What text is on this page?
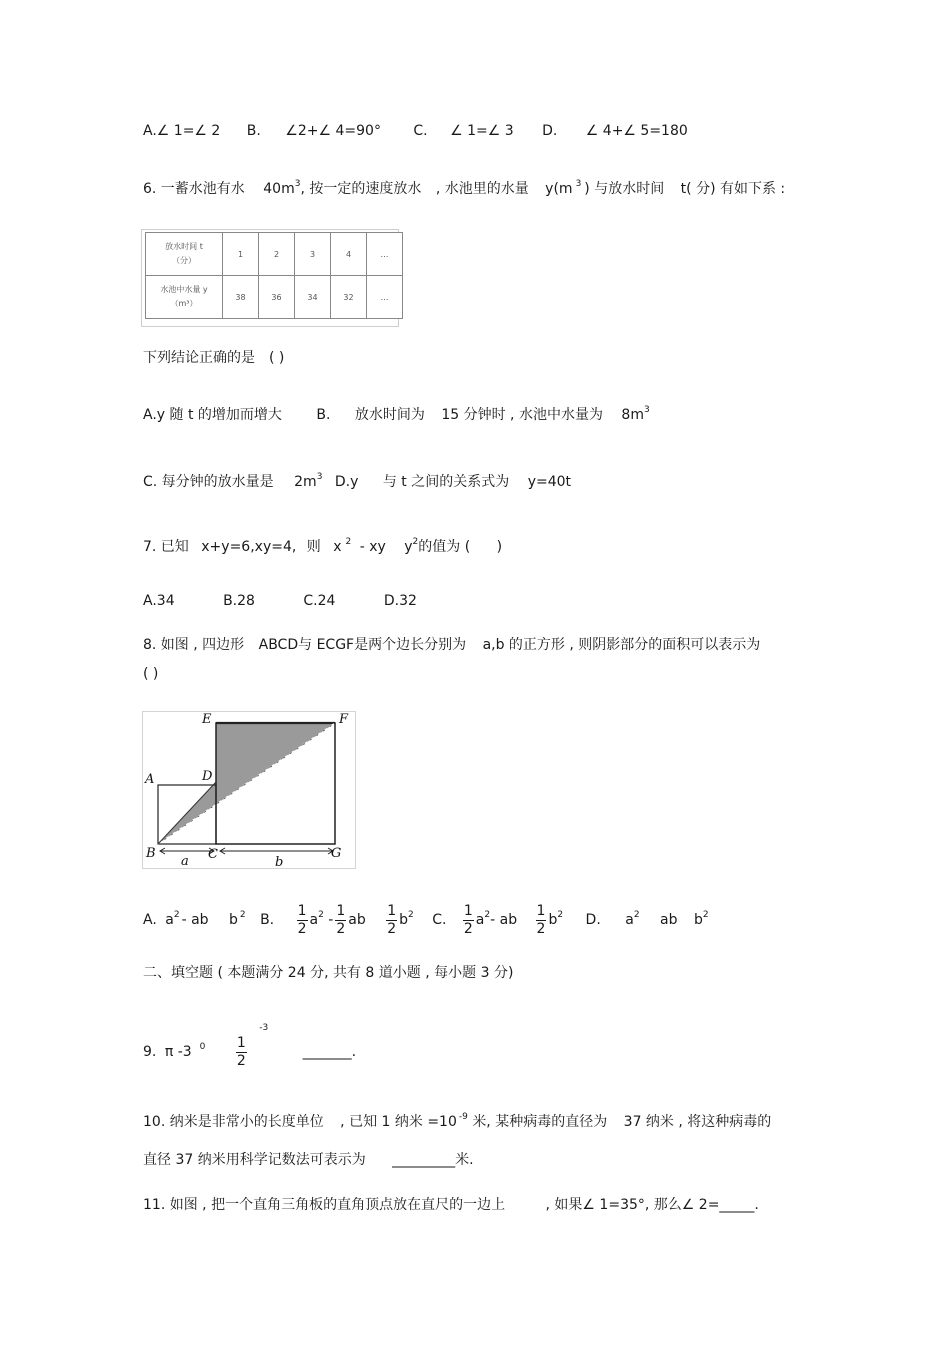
A.∠ 1=∠ 2 B. ∠2+∠ 4=90° C. ∠ 1=∠ 3 D. ∠ 4+∠ 5=180
6. 一蓄水池有水 $40m^3$, 按一定的速度放水 , 水池里的水量 y(m $^3$ ) 与放水时间 t( 分) 有如下系 :
放水时间 t
（分）	1	2	3	4	…
水池中水量 y
（m³）	38	36	34	32	…
下列结论正确的是 ( )
A.y 随 t 的增加而增大 B. 放水时间为 15 分钟时 , 水池中水量为 $8m^3$
C. 每分钟的放水量是 $2m^3$ D.y 与 t 之间的关系式为 y=40t
7. 已知 x+y=6,xy=4, 则 x $^2$ - xy $y^2$的值为 ( )
A.34	B.28	C.24	D.32
8. 如图 , 四边形 ABCD与 ECGF是两个边长分别为 a,b 的正方形 , 则阴影部分的面积可以表示为
( )
E	F
A	D
B	C	G
a	b
A. $a^2$ - ab b $^2$ B. $\frac{1}{2} a^2 - \frac{1}{2}$ ab $\frac{1}{2} b^2$ C. $\frac{1}{2} a^2-$ ab $\frac{1}{2} b^2$ D. $a^2$ ab $b^2$
二、填空题 ( 本题满分 24 分, 共有 8 道小题 , 每小题 3 分)
9. π -3 $^0 \frac{1}{2}$
$^{-3}$ _______.
10. 纳米是非常小的长度单位 , 已知 1 纳米 =10 $^{-9}$ 米, 某种病毒的直径为 37 纳米 , 将这种病毒的
直径 37 纳米用科学记数法可表示为 _________米.
11. 如图 , 把一个直角三角板的直角顶点放在直尺的一边上	, 如果∠ 1=35°, 那么∠ 2=_____.
